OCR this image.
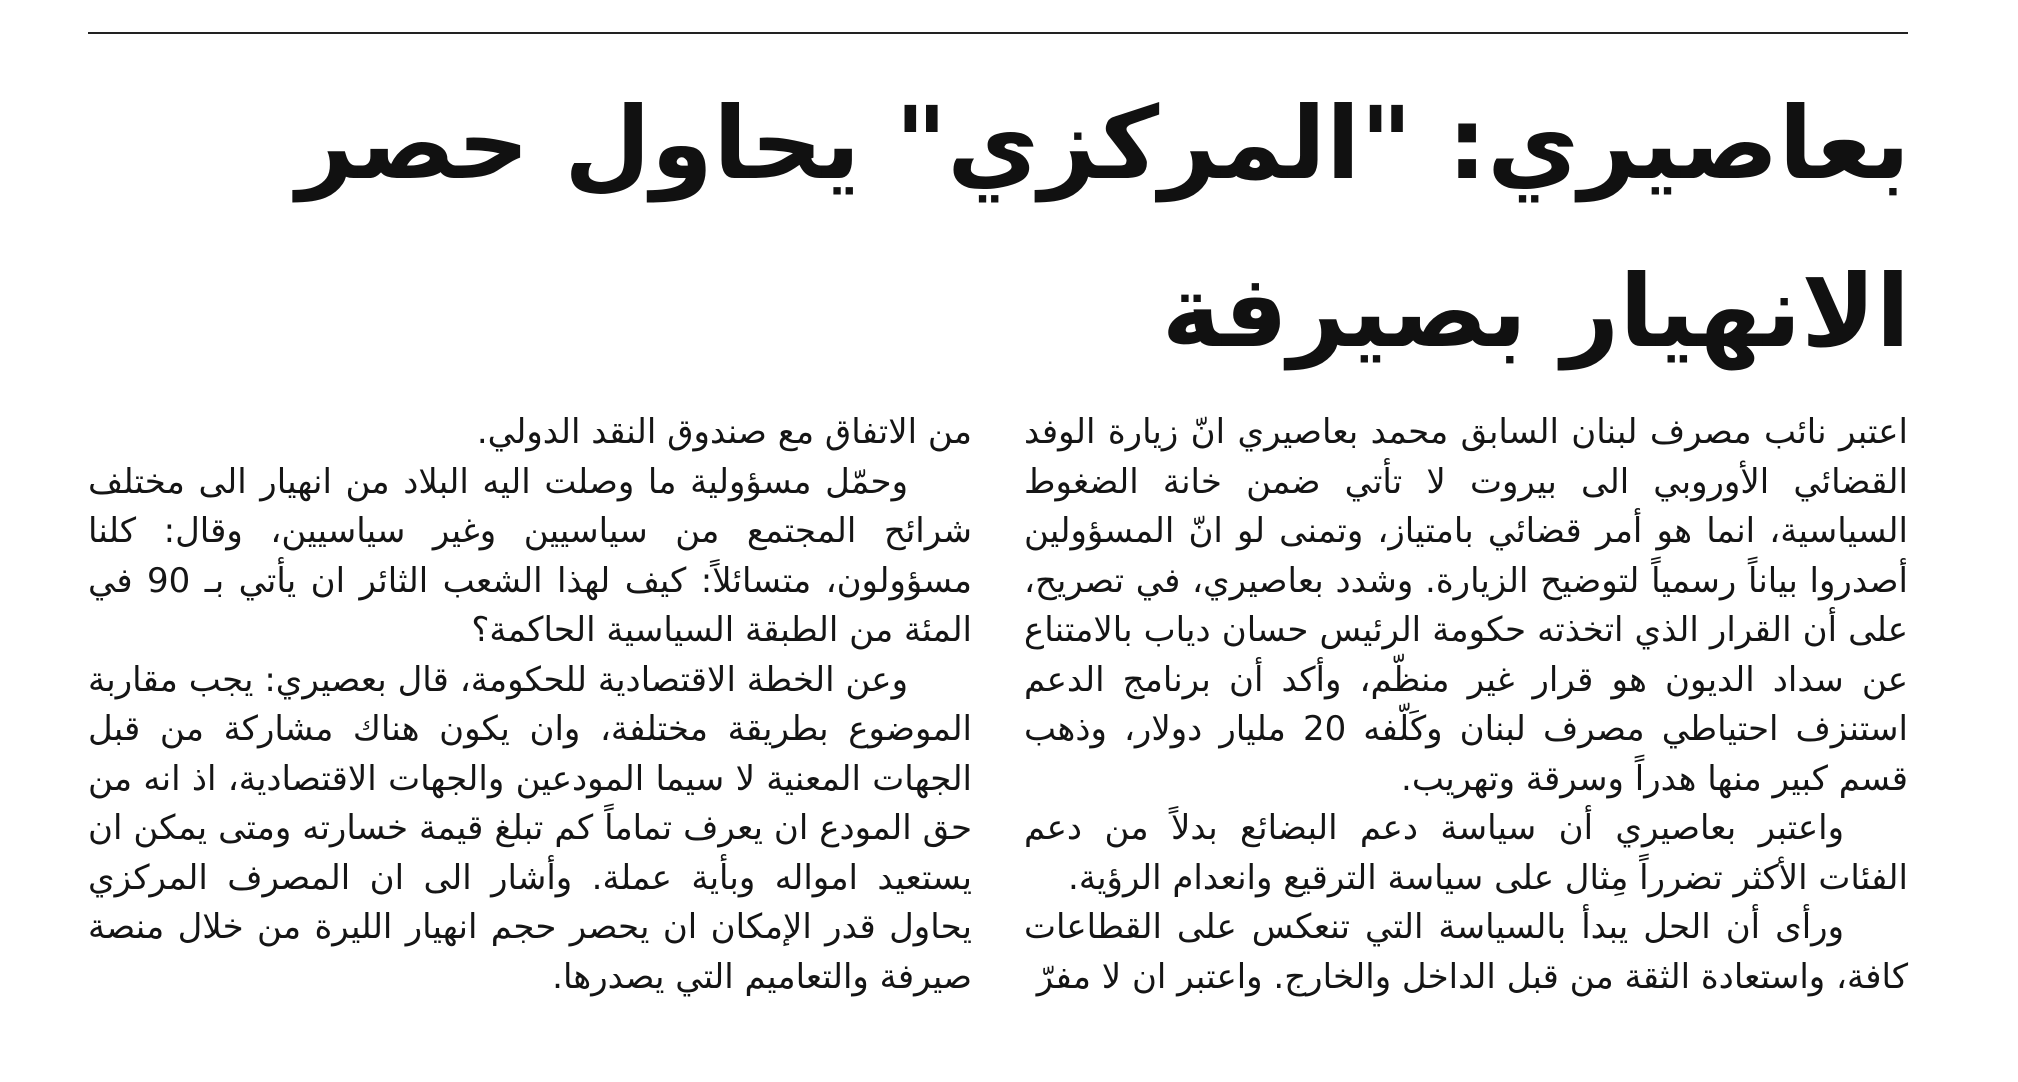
بعاصيري: "المركزي" يحاول حصر
الانهيار بصيرفة

اعتبر نائب مصرف لبنان السابق محمد بعاصيري انّ زيارة الوفد القضائي الأوروبي الى بيروت لا تأتي ضمن خانة الضغوط السياسية، انما هو أمر قضائي بامتياز، وتمنى لو انّ المسؤولين أصدروا بياناً رسمياً لتوضيح الزيارة. وشدد بعاصيري، في تصريح، على أن القرار الذي اتخذته حكومة الرئيس حسان دياب بالامتناع عن سداد الديون هو قرار غير منظّم، وأكد أن برنامج الدعم استنزف احتياطي مصرف لبنان وكَلّفه 20 مليار دولار، وذهب قسم كبير منها هدراً وسرقة وتهريب.

واعتبر بعاصيري أن سياسة دعم البضائع بدلاً من دعم الفئات الأكثر تضرراً مِثال على سياسة الترقيع وانعدام الرؤية.

ورأى أن الحل يبدأ بالسياسة التي تنعكس على القطاعات كافة، واستعادة الثقة من قبل الداخل والخارج. واعتبر ان لا مفرّ

من الاتفاق مع صندوق النقد الدولي.

وحمّل مسؤولية ما وصلت اليه البلاد من انهيار الى مختلف شرائح المجتمع من سياسيين وغير سياسيين، وقال: كلنا مسؤولون، متسائلاً: كيف لهذا الشعب الثائر ان يأتي بـ 90 في المئة من الطبقة السياسية الحاكمة؟

وعن الخطة الاقتصادية للحكومة، قال بعصيري: يجب مقاربة الموضوع بطريقة مختلفة، وان يكون هناك مشاركة من قبل الجهات المعنية لا سيما المودعين والجهات الاقتصادية، اذ انه من حق المودع ان يعرف تماماً كم تبلغ قيمة خسارته ومتى يمكن ان يستعيد امواله وبأية عملة. وأشار الى ان المصرف المركزي يحاول قدر الإمكان ان يحصر حجم انهيار الليرة من خلال منصة صيرفة والتعاميم التي يصدرها.
